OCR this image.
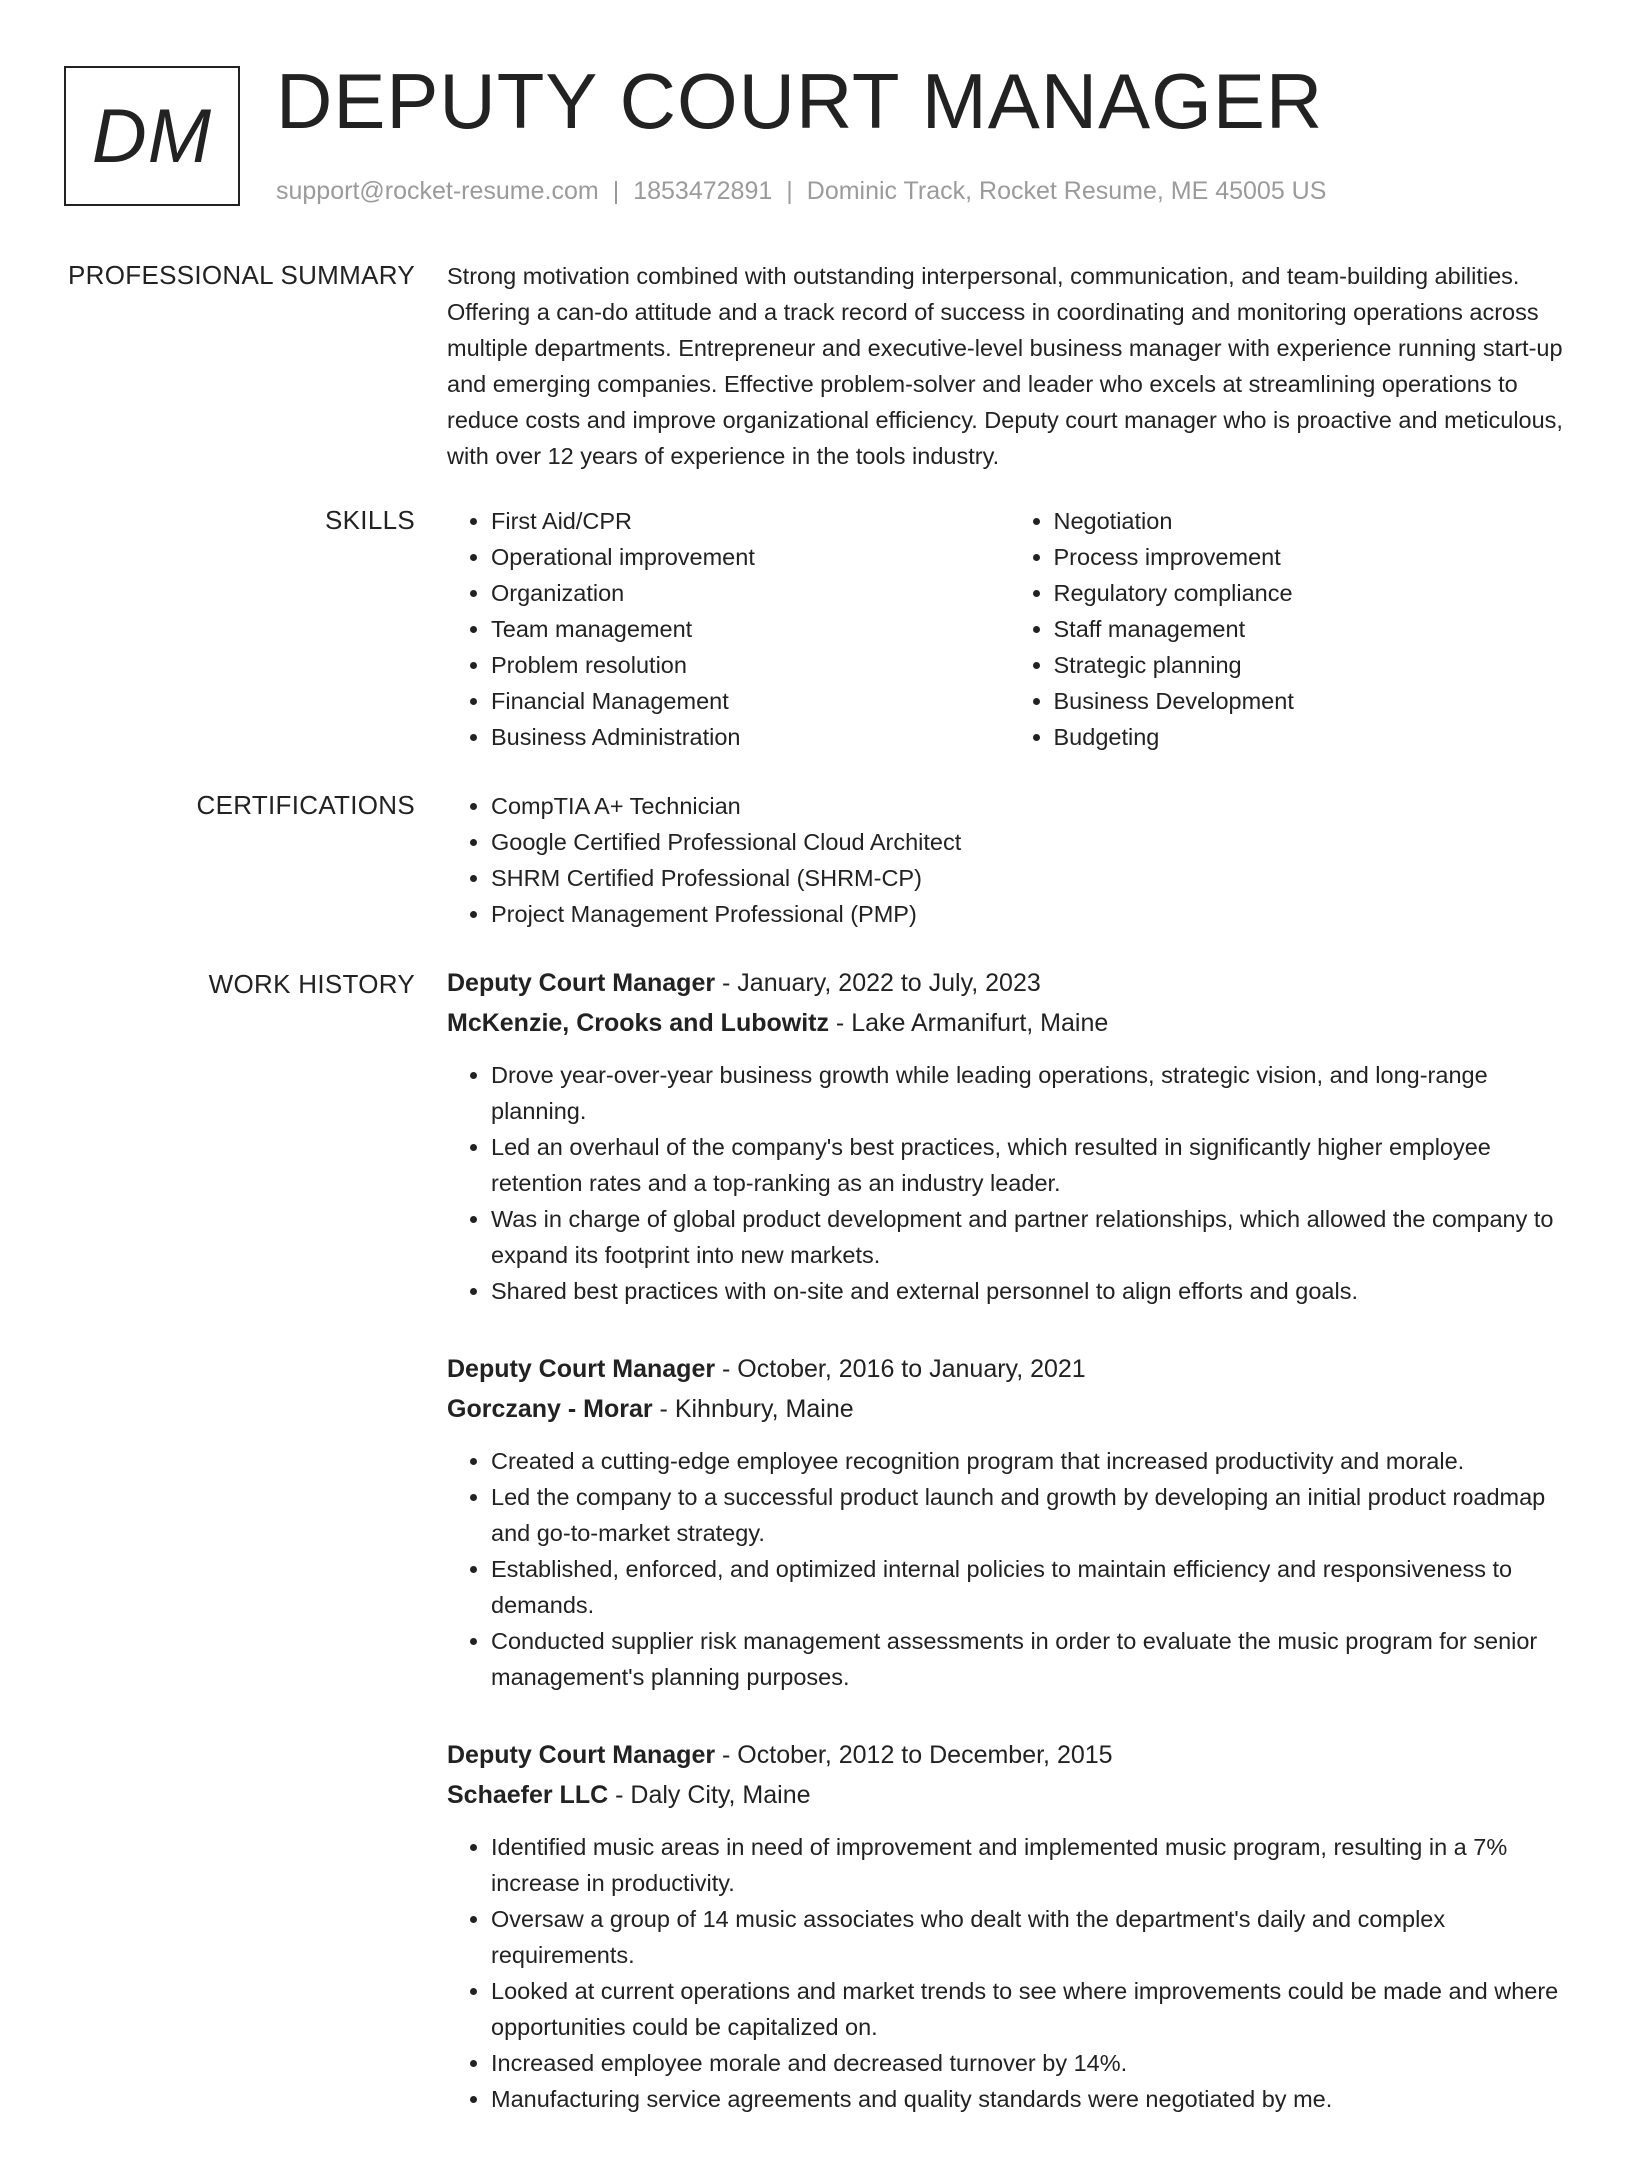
DM DEPUTY COURT MANAGER
support@rocket-resume.com | 1853472891 | Dominic Track, Rocket Resume, ME 45005 US
PROFESSIONAL SUMMARY Strong motivation combined with outstanding interpersonal, communication, and team-building abilities. Offering a can-do attitude and a track record of success in coordinating and monitoring operations across multiple departments. Entrepreneur and executive-level business manager with experience running start-up and emerging companies. Effective problem-solver and leader who excels at streamlining operations to reduce costs and improve organizational efficiency. Deputy court manager who is proactive and meticulous, with over 12 years of experience in the tools industry.

SKILLS	• First Aid/CPR
• Operational improvement
• Organization
• Team management
• Problem resolution
• Financial Management
• Business Administration
• Negotiation
• Process improvement
• Regulatory compliance
• Staff management
• Strategic planning
• Business Development
• Budgeting
CERTIFICATIONS	• CompTIA A+ Technician
• Google Certified Professional Cloud Architect
• SHRM Certified Professional (SHRM-CP)
• Project Management Professional (PMP)
WORK HISTORY Deputy Court Manager - January, 2022 to July, 2023
McKenzie, Crooks and Lubowitz - Lake Armanifurt, Maine
• Drove year-over-year business growth while leading operations, strategic vision, and long-range planning.
• Led an overhaul of the company's best practices, which resulted in significantly higher employee retention rates and a top-ranking as an industry leader.
• Was in charge of global product development and partner relationships, which allowed the company to expand its footprint into new markets.
• Shared best practices with on-site and external personnel to align efforts and goals.
Deputy Court Manager - October, 2016 to January, 2021
Gorczany - Morar - Kihnbury, Maine
• Created a cutting-edge employee recognition program that increased productivity and morale.
• Led the company to a successful product launch and growth by developing an initial product roadmap and go-to-market strategy.
• Established, enforced, and optimized internal policies to maintain efficiency and responsiveness to demands.
• Conducted supplier risk management assessments in order to evaluate the music program for senior management's planning purposes.
Deputy Court Manager - October, 2012 to December, 2015
Schaefer LLC - Daly City, Maine
• Identified music areas in need of improvement and implemented music program, resulting in a 7% increase in productivity.
• Oversaw a group of 14 music associates who dealt with the department's daily and complex requirements.
• Looked at current operations and market trends to see where improvements could be made and where opportunities could be capitalized on.
• Increased employee morale and decreased turnover by 14%.
• Manufacturing service agreements and quality standards were negotiated by me.
